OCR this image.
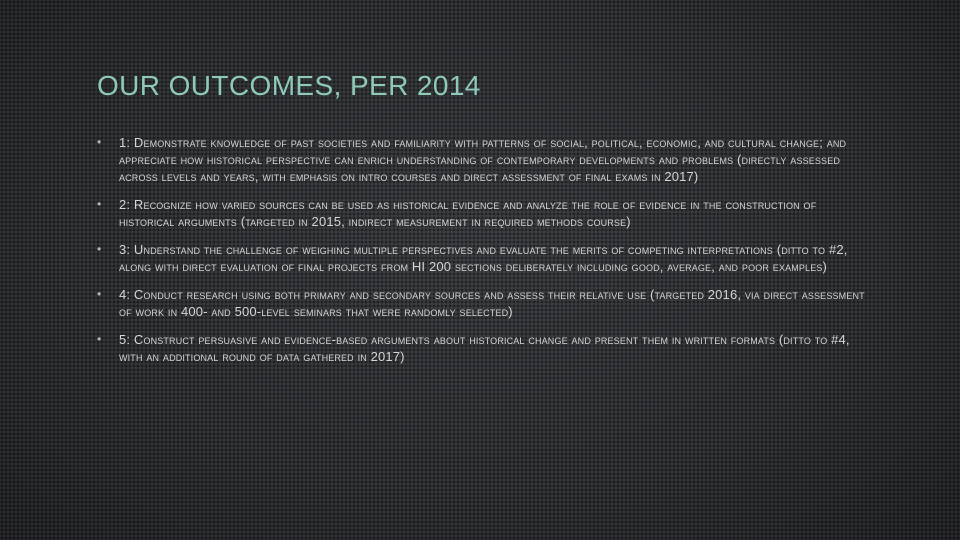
OUR OUTCOMES, PER 2014
• 1: Demonstrate knowledge of past societies and familiarity with patterns of social, political, economic, and cultural change; and appreciate how historical perspective can enrich understanding of contemporary developments and problems (directly assessed across levels and years, with emphasis on intro courses and direct assessment of final exams in 2017)
• 2: Recognize how varied sources can be used as historical evidence and analyze the role of evidence in the construction of historical arguments (targeted in 2015, indirect measurement in required methods course)
• 3: Understand the challenge of weighing multiple perspectives and evaluate the merits of competing interpretations (ditto to #2, along with direct evaluation of final projects from HI 200 sections deliberately including good, average, and poor examples)
• 4: Conduct research using both primary and secondary sources and assess their relative use (targeted 2016, via direct assessment of work in 400- and 500-level seminars that were randomly selected)
• 5: Construct persuasive and evidence-based arguments about historical change and present them in written formats (ditto to #4, with an additional round of data gathered in 2017)
